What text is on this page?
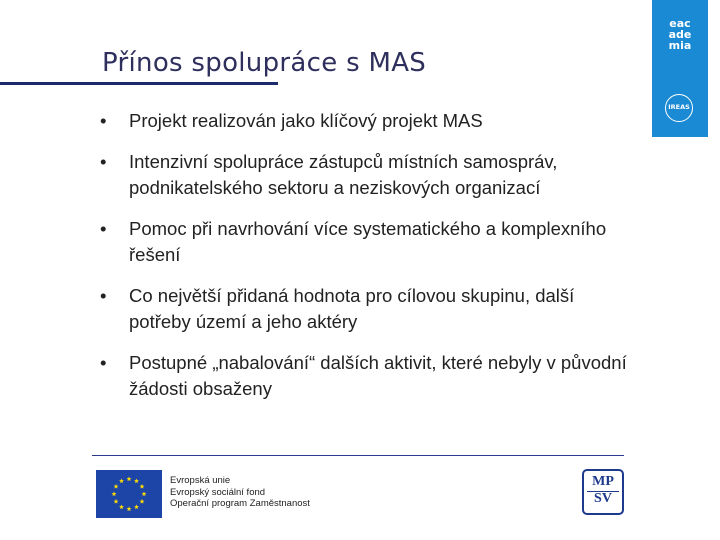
Přínos spolupráce s MAS
eac
ade
mia
IREAS
• Projekt realizován jako klíčový projekt MAS
• Intenzivní spolupráce zástupců místních samospráv, podnikatelského sektoru a neziskových organizací
• Pomoc při navrhování více systematického a komplexního řešení
• Co největší přidaná hodnota pro cílovou skupinu, další potřeby území a jeho aktéry
• Postupné „nabalování“ dalších aktivit, které nebyly v původní žádosti obsaženy
Evropská unie
Evropský sociální fond
Operační program Zaměstnanost
MP
SV
